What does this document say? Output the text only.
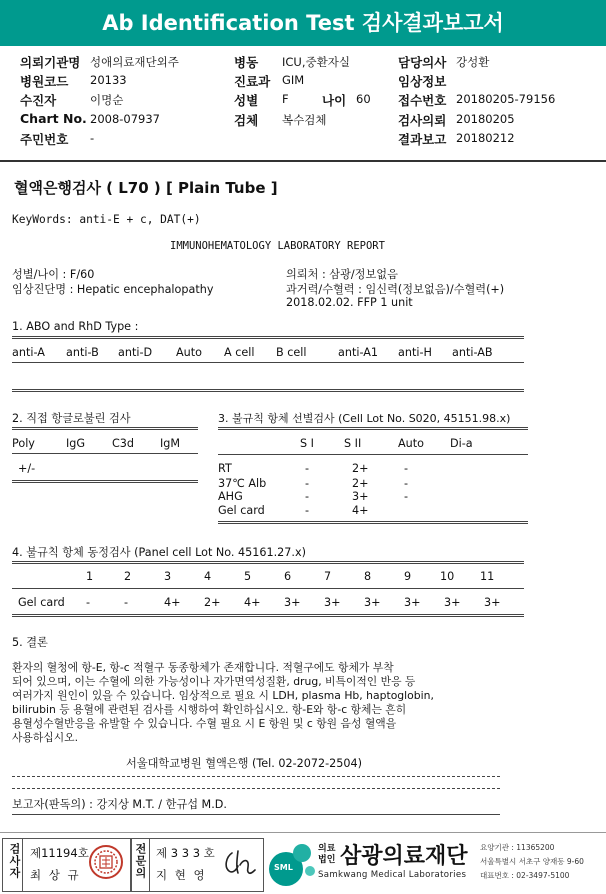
Ab Identification Test 검사결과보고서
의뢰기관명 성애의료재단외주
병원코드 20133
수진자	이명순
Chart No. 2008-07937
주민번호 -
병동 ICU,중환자실
진료과 GIM
성별 F	나이 60
검체 복수검체
담당의사 강성환
임상정보
접수번호 20180205-79156
검사의뢰 20180205
결과보고 20180212
혈액은행검사 ( L70 ) [ Plain Tube ]
KeyWords: anti-E + c, DAT(+)
IMMUNOHEMATOLOGY LABORATORY REPORT
성별/나이 : F/60
임상진단명 : Hepatic encephalopathy
의뢰처 : 삼광/정보없음
과거력/수혈력 : 임신력(정보없음)/수혈력(+)
2018.02.02. FFP 1 unit
1. ABO and RhD Type :
anti-A anti-B anti-D Auto A cell B cell	anti-A1 anti-H anti-AB
2. 직접 항글로불린 검사
Poly	IgG C3d IgM
+/-
3. 불규칙 항체 선별검사 (Cell Lot No. S020, 45151.98.x)
S I	S II	Auto Di-a
RT	-	2+	-
37℃ Alb	-	2+	-
AHG	-	3+	-
Gel card	-	4+
4. 불규칙 항체 동정검사 (Panel cell Lot No. 45161.27.x)
1	2	3	4	5	6	7	8	9	10 11
Gel card -	-	4+ 2+ 4+ 3+ 3+ 3+ 3+ 3+ 3+
5. 결론
환자의 혈청에 항-E, 항-c 적혈구 동종항체가 존재합니다. 적혈구에도 항체가 부착
되어 있으며, 이는 수혈에 의한 가능성이나 자가면역성질환, drug, 비특이적인 반응 등
여러가지 원인이 있을 수 있습니다. 임상적으로 필요 시 LDH, plasma Hb, haptoglobin,
bilirubin 등 용혈에 관련된 검사를 시행하여 확인하십시오. 항-E와 항-c 항체는 흔히
용혈성수혈반응을 유발할 수 있습니다. 수혈 필요 시 E 항원 및 c 항원 음성 혈액을
사용하십시오.
서울대학교병원 혈액은행 (Tel. 02-2072-2504)
보고자(판독의) : 강지상 M.T. / 한규섭 M.D.
검사자 제11194호
최 상 규	전문의 제 3 3 3 호
지 현 영
SML
의료
법인 삼광의료재단
Samkwang Medical Laboratories
요양기관 : 11365200
서울특별시 서초구 양재동 9-60
대표번호 : 02-3497-5100
